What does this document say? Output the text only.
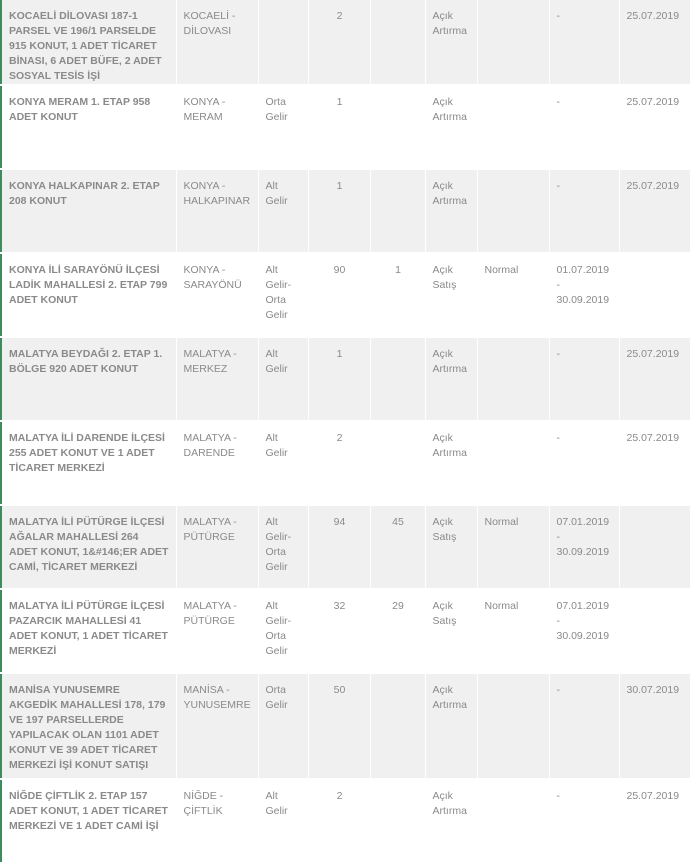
KOCAELİ DİLOVASI 187-1 PARSEL VE 196/1 PARSELDE 915 KONUT, 1 ADET TİCARET BİNASI, 6 ADET BÜFE, 2 ADET SOSYAL TESİS İŞİ	KOCAELİ - DİLOVASI		2		Açık Artırma		-	25.07.2019
KONYA MERAM 1. ETAP 958 ADET KONUT	KONYA - MERAM	Orta Gelir	1		Açık Artırma		-	25.07.2019
KONYA HALKAPINAR 2. ETAP 208 KONUT	KONYA - HALKAPINAR	Alt Gelir	1		Açık Artırma		-	25.07.2019
KONYA İLİ SARAYÖNÜ İLÇESİ LADİK MAHALLESİ 2. ETAP 799 ADET KONUT	KONYA - SARAYÖNÜ	Alt Gelir-Orta Gelir	90	1	Açık Satış	Normal	01.07.2019 - 30.09.2019	
MALATYA BEYDAĞI 2. ETAP 1. BÖLGE 920 ADET KONUT	MALATYA - MERKEZ	Alt Gelir	1		Açık Artırma		-	25.07.2019
MALATYA İLİ DARENDE İLÇESİ 255 ADET KONUT VE 1 ADET TİCARET MERKEZİ	MALATYA - DARENDE	Alt Gelir	2		Açık Artırma		-	25.07.2019
MALATYA İLİ PÜTÜRGE İLÇESİ AĞALAR MAHALLESİ 264 ADET KONUT, 1&#146;ER ADET CAMİ, TİCARET MERKEZİ	MALATYA - PÜTÜRGE	Alt Gelir-Orta Gelir	94	45	Açık Satış	Normal	07.01.2019 - 30.09.2019	
MALATYA İLİ PÜTÜRGE İLÇESİ PAZARCIK MAHALLESİ 41 ADET KONUT, 1 ADET TİCARET MERKEZİ	MALATYA - PÜTÜRGE	Alt Gelir-Orta Gelir	32	29	Açık Satış	Normal	07.01.2019 - 30.09.2019	
MANİSA YUNUSEMRE AKGEDİK MAHALLESİ 178, 179 VE 197 PARSELLERDE YAPILACAK OLAN 1101 ADET KONUT VE 39 ADET TİCARET MERKEZİ İŞİ KONUT SATIŞI	MANİSA - YUNUSEMRE	Orta Gelir	50		Açık Artırma		-	30.07.2019
NİĞDE ÇİFTLİK 2. ETAP 157 ADET KONUT, 1 ADET TİCARET MERKEZİ VE 1 ADET CAMİ İŞİ	NİĞDE - ÇİFTLİK	Alt Gelir	2		Açık Artırma		-	25.07.2019
